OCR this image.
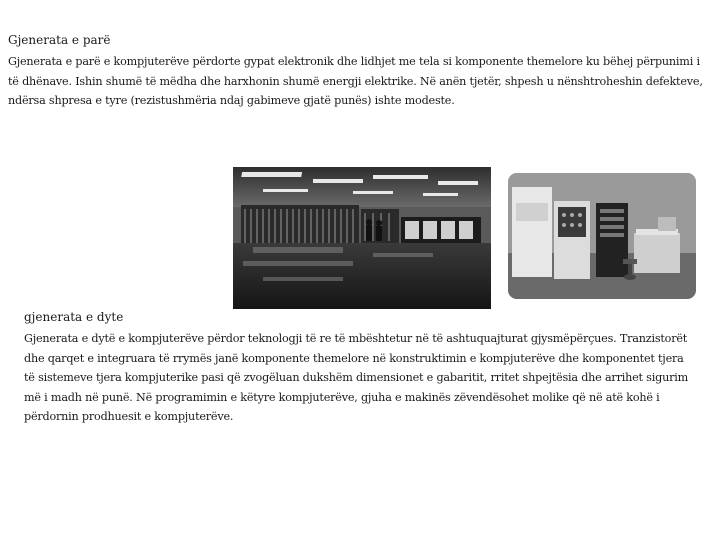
Gjenerata e parë

Gjenerata e parë e kompjuterëve përdorte gypat elektronik dhe lidhjet me tela si komponente themelore ku bëhej përpunimi i të dhënave. Ishin shumë të mëdha dhe harxhonin shumë energji elektrike. Në anën tjetër, shpesh u nënshtroheshin defekteve, ndërsa shpresa e tyre (rezistushmëria ndaj gabimeve gjatë punës) ishte modeste.

gjenerata e dyte

Gjenerata e dytë e kompjuterëve përdor teknologji të re të mbështetur në të ashtuquajturat gjysmëpërçues. Tranzistorët dhe qarqet e integruara të rrymës janë komponente themelore në konstruktimin e kompjuterëve dhe komponentet tjera të sistemeve tjera kompjuterike pasi që zvogëluan dukshëm dimensionet e gabaritit, rritet shpejtësia dhe arrihet sigurim më i madh në punë. Në programimin e këtyre kompjuterëve, gjuha e makinës zëvendësohet molike që në atë kohë i përdornin prodhuesit e kompjuterëve.
